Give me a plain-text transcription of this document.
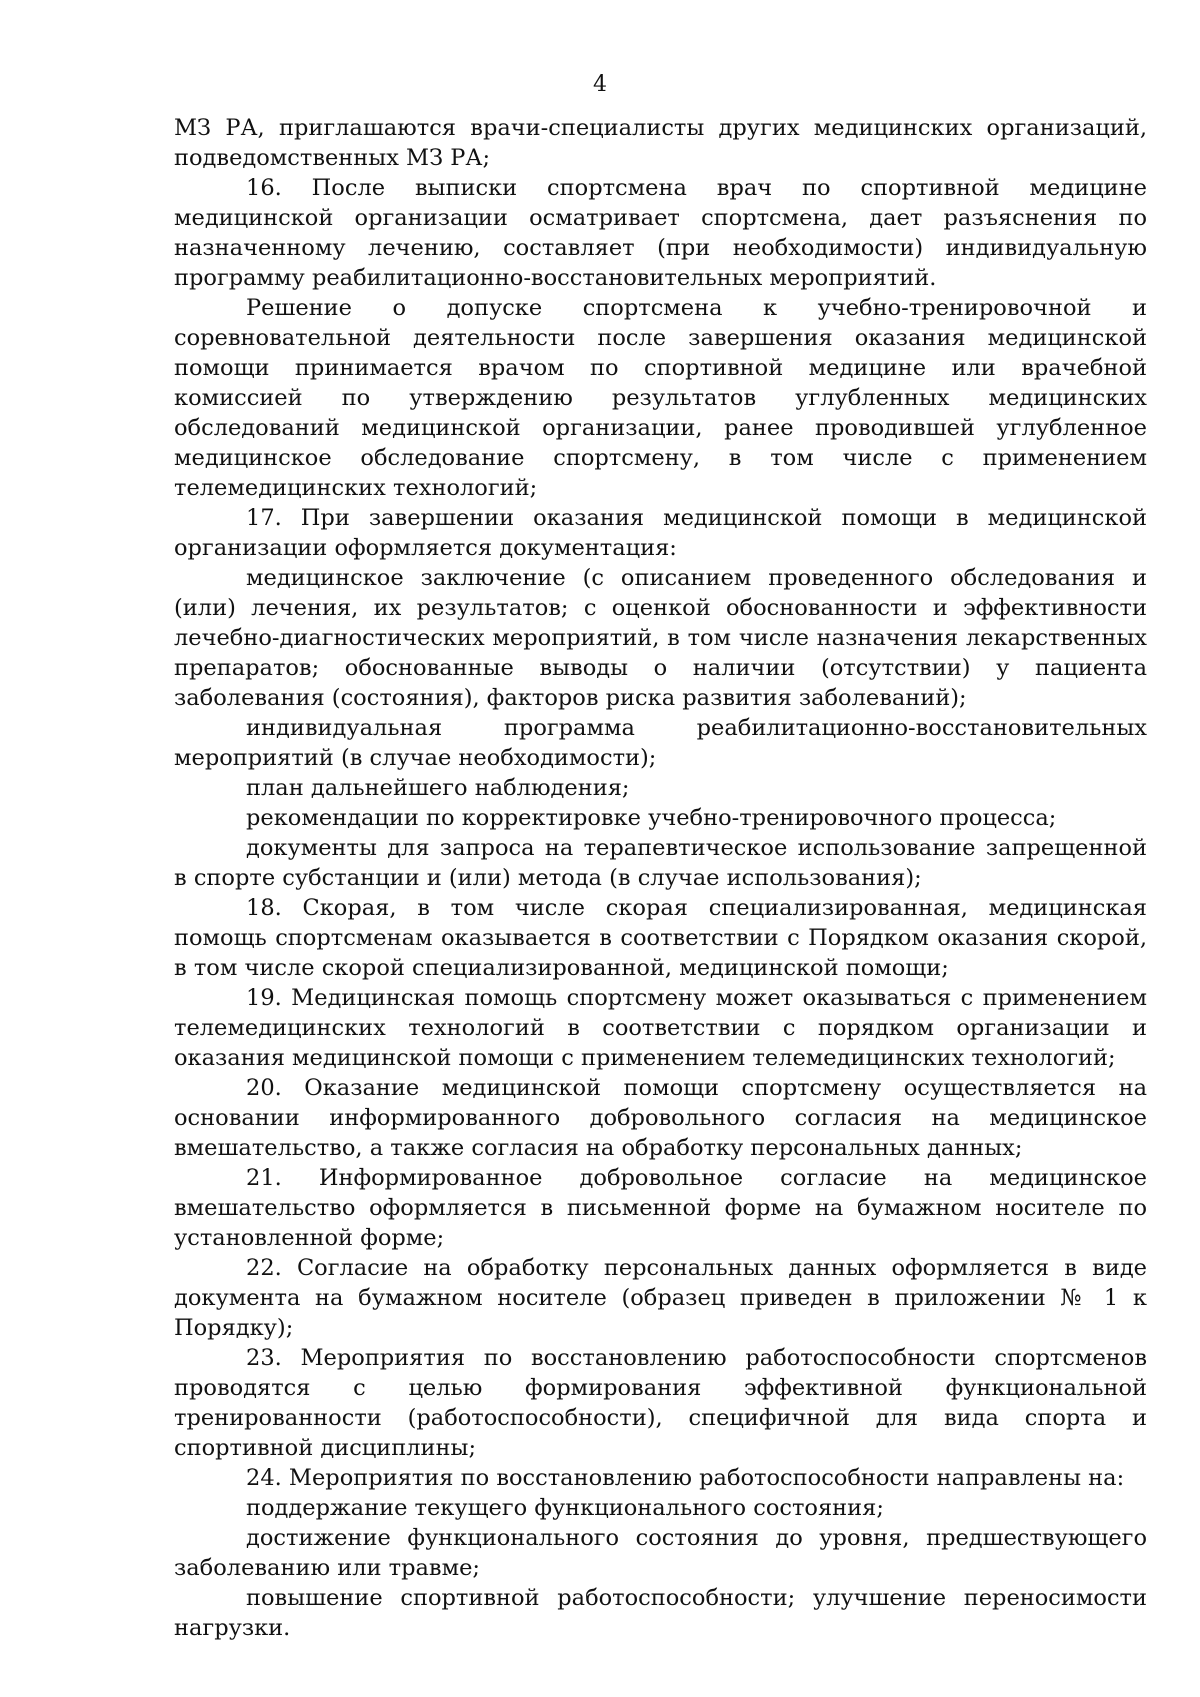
4

МЗ РА, приглашаются врачи-специалисты других медицинских организаций, подведомственных МЗ РА;

16. После выписки спортсмена врач по спортивной медицине медицинской организации осматривает спортсмена, дает разъяснения по назначенному лечению, составляет (при необходимости) индивидуальную программу реабилитационно-восстановительных мероприятий.

Решение о допуске спортсмена к учебно-тренировочной и соревновательной деятельности после завершения оказания медицинской помощи принимается врачом по спортивной медицине или врачебной комиссией по утверждению результатов углубленных медицинских обследований медицинской организации, ранее проводившей углубленное медицинское обследование спортсмену, в том числе с применением телемедицинских технологий;

17. При завершении оказания медицинской помощи в медицинской организации оформляется документация:

медицинское заключение (с описанием проведенного обследования и (или) лечения, их результатов; с оценкой обоснованности и эффективности лечебно-диагностических мероприятий, в том числе назначения лекарственных препаратов; обоснованные выводы о наличии (отсутствии) у пациента заболевания (состояния), факторов риска развития заболеваний);

индивидуальная программа реабилитационно-восстановительных мероприятий (в случае необходимости);

план дальнейшего наблюдения;

рекомендации по корректировке учебно-тренировочного процесса;

документы для запроса на терапевтическое использование запрещенной в спорте субстанции и (или) метода (в случае использования);

18. Скорая, в том числе скорая специализированная, медицинская помощь спортсменам оказывается в соответствии с Порядком оказания скорой, в том числе скорой специализированной, медицинской помощи;

19. Медицинская помощь спортсмену может оказываться с применением телемедицинских технологий в соответствии с порядком организации и оказания медицинской помощи с применением телемедицинских технологий;

20. Оказание медицинской помощи спортсмену осуществляется на основании информированного добровольного согласия на медицинское вмешательство, а также согласия на обработку персональных данных;

21. Информированное добровольное согласие на медицинское вмешательство оформляется в письменной форме на бумажном носителе по установленной форме;

22. Согласие на обработку персональных данных оформляется в виде документа на бумажном носителе (образец приведен в приложении № 1 к Порядку);

23. Мероприятия по восстановлению работоспособности спортсменов проводятся с целью формирования эффективной функциональной тренированности (работоспособности), специфичной для вида спорта и спортивной дисциплины;

24. Мероприятия по восстановлению работоспособности направлены на:

поддержание текущего функционального состояния;

достижение функционального состояния до уровня, предшествующего заболеванию или травме;

повышение спортивной работоспособности; улучшение переносимости нагрузки.
